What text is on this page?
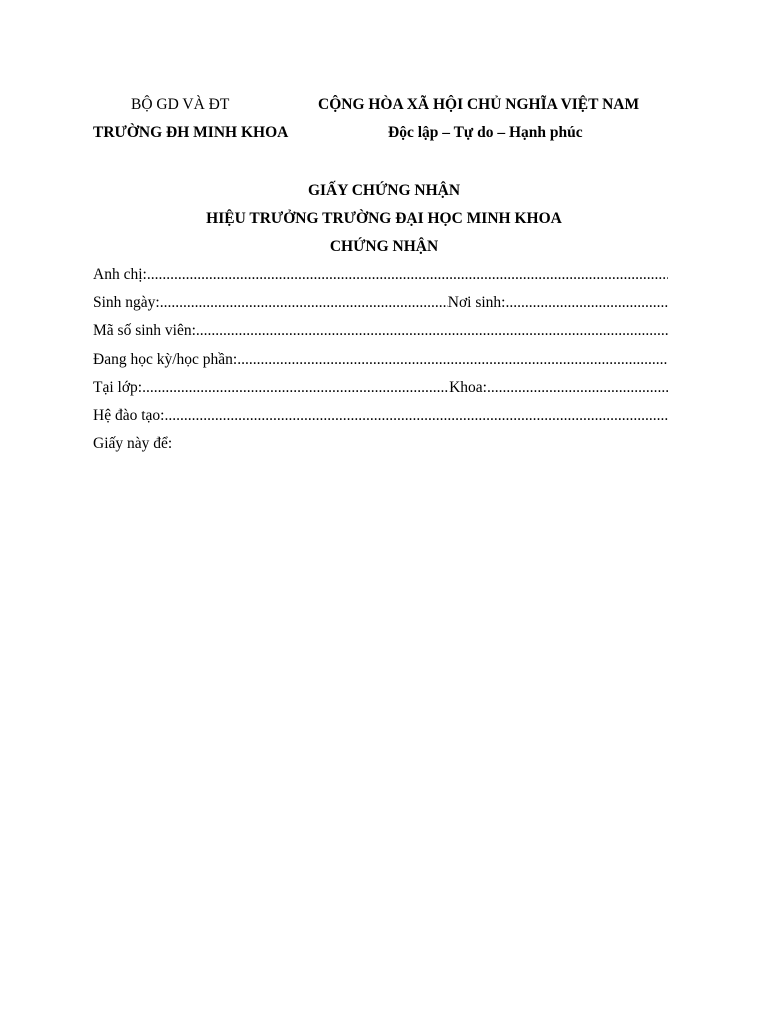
BỘ GD VÀ ĐT	CỘNG HÒA XÃ HỘI CHỦ NGHĨA VIỆT NAM
TRƯỜNG ĐH MINH KHOA	Độc lập – Tự do – Hạnh phúc
GIẤY CHỨNG NHẬN
HIỆU TRƯỞNG TRƯỜNG ĐẠI HỌC MINH KHOA
CHỨNG NHẬN
Anh chị:
.....
Sinh ngày: .....	Nơi sinh:
.....
Mã số sinh viên:
.....
Đang học kỳ/học phần:
.....
Tại lớp: .....	Khoa:
.....
Hệ đào tạo:
.....
Giấy này để:
